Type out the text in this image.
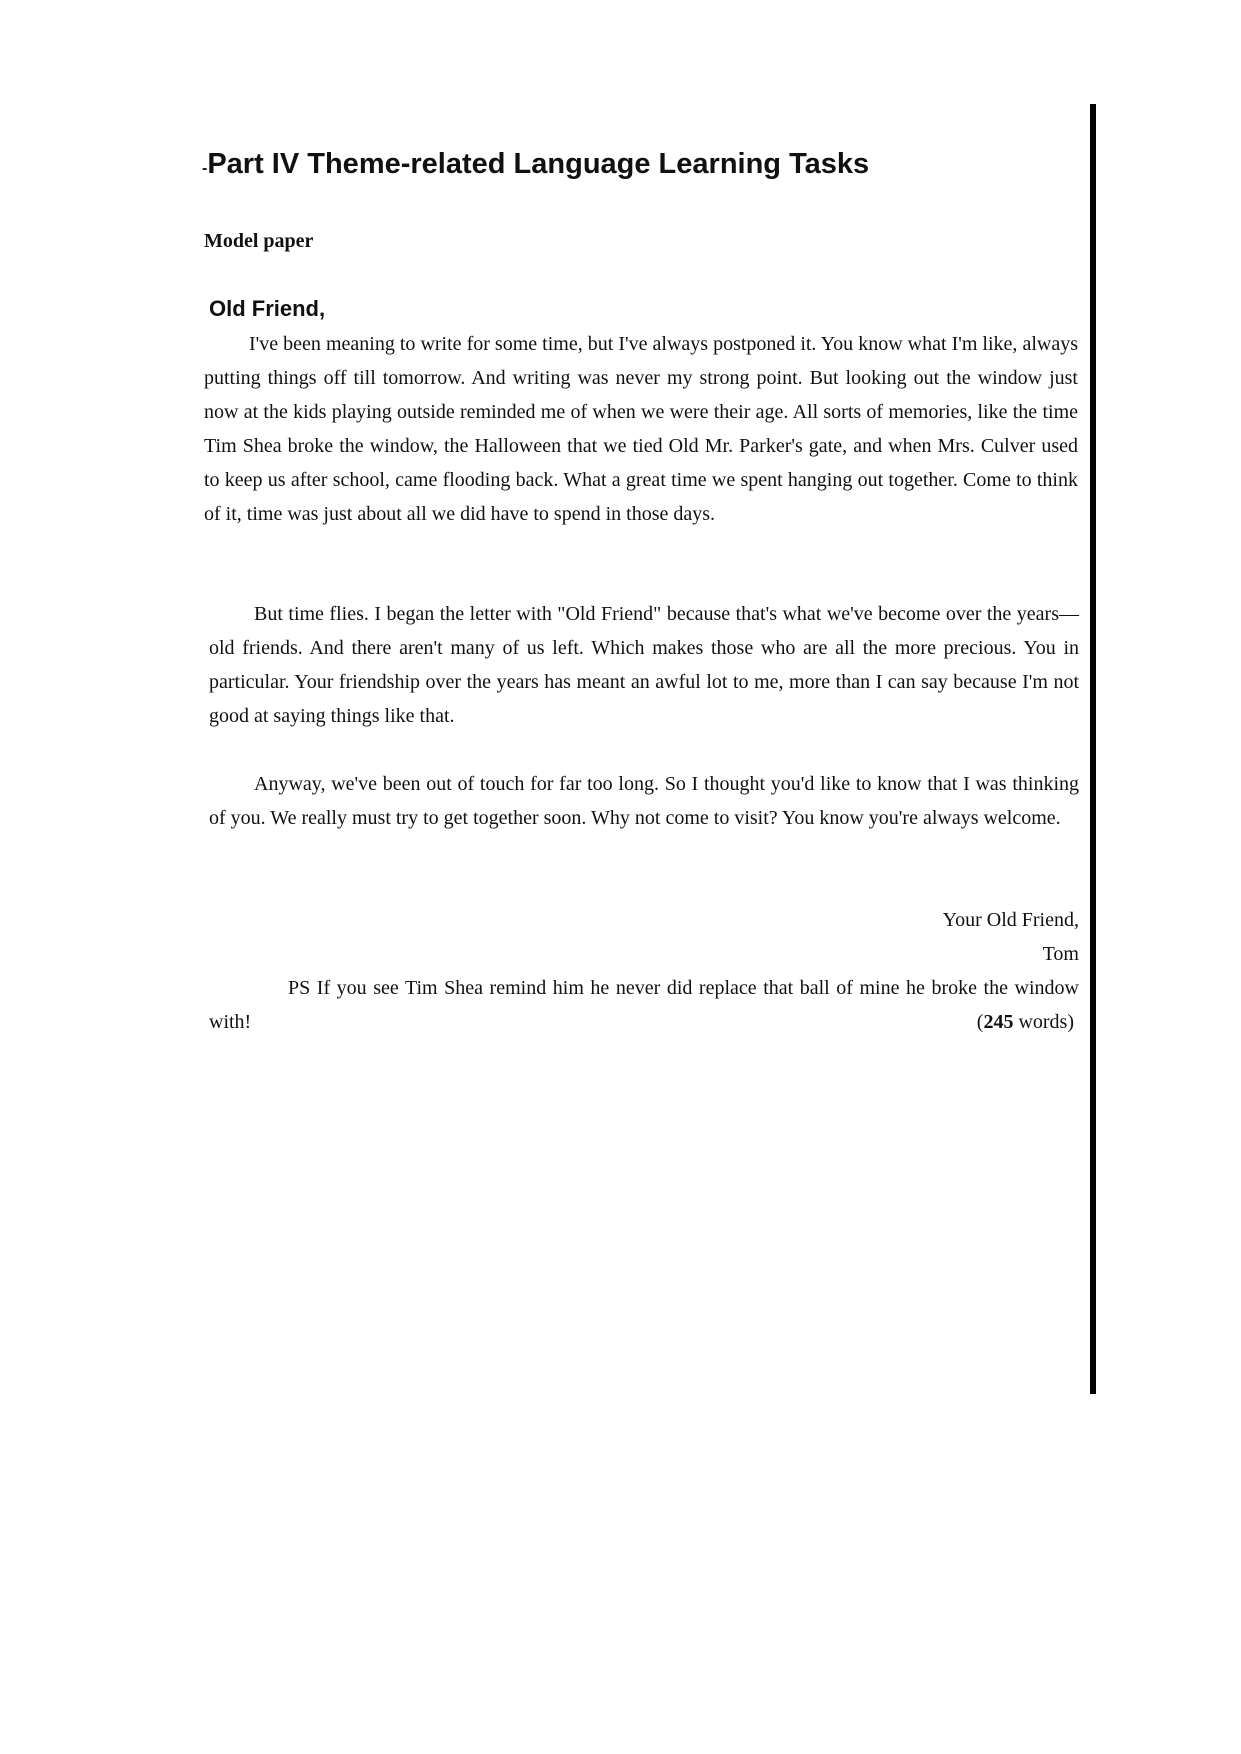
-Part IV Theme-related Language Learning Tasks

Model paper

Old Friend,

I've been meaning to write for some time, but I've always postponed it. You know what I'm like, always putting things off till tomorrow. And writing was never my strong point. But looking out the window just now at the kids playing outside reminded me of when we were their age. All sorts of memories, like the time Tim Shea broke the window, the Halloween that we tied Old Mr. Parker's gate, and when Mrs. Culver used to keep us after school, came flooding back. What a great time we spent hanging out together. Come to think of it, time was just about all we did have to spend in those days.

But time flies. I began the letter with "Old Friend" because that's what we've become over the years—old friends. And there aren't many of us left. Which makes those who are all the more precious. You in particular. Your friendship over the years has meant an awful lot to me, more than I can say because I'm not good at saying things like that.

Anyway, we've been out of touch for far too long. So I thought you'd like to know that I was thinking of you. We really must try to get together soon. Why not come to visit? You know you're always welcome.

Your Old Friend,

Tom

PS If you see Tim Shea remind him he never did replace that ball of mine he broke the window with!	(245 words)
